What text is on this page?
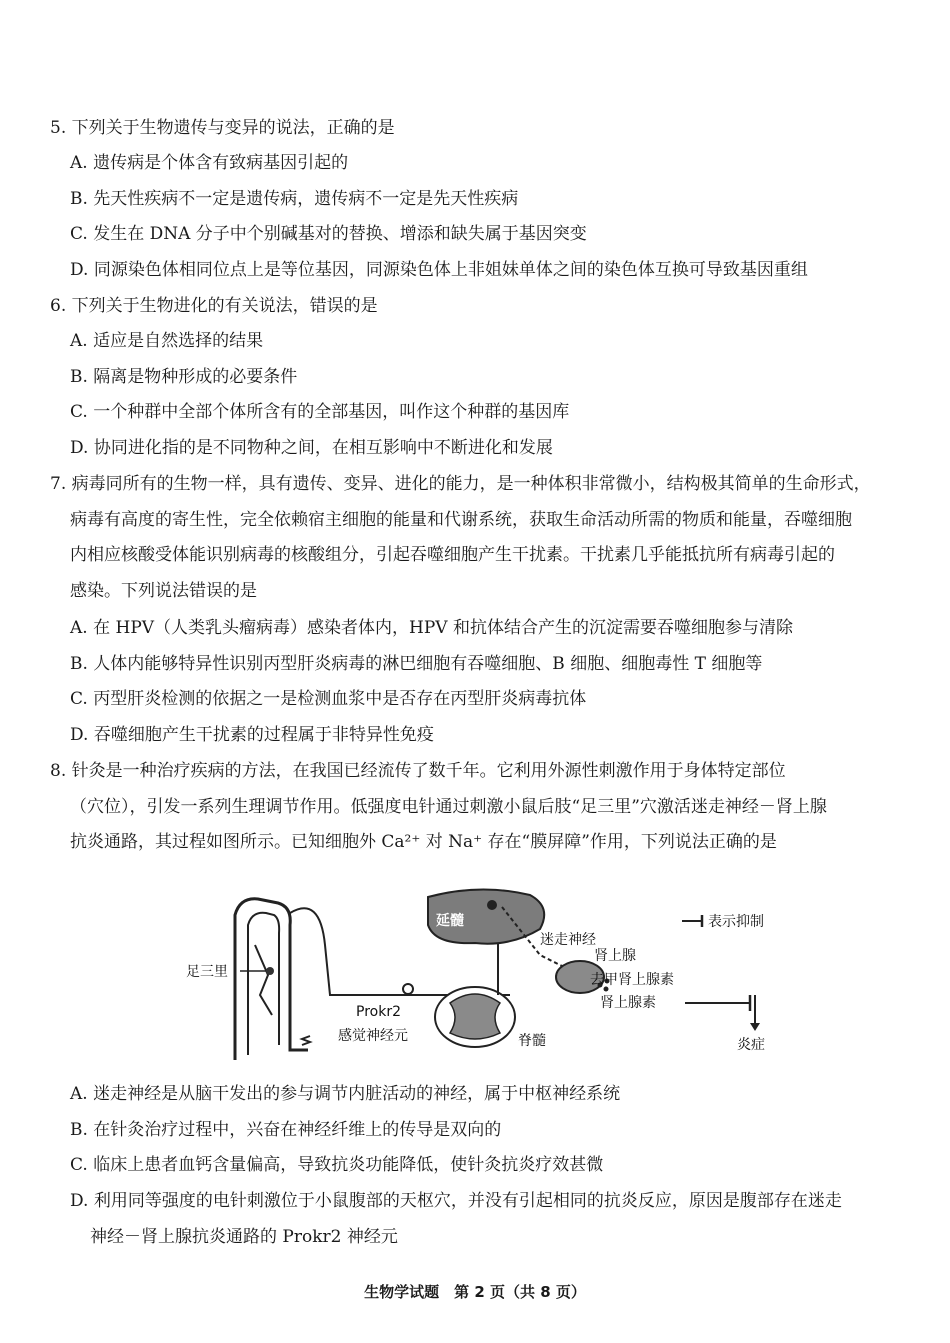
5. 下列关于生物遗传与变异的说法，正确的是
A. 遗传病是个体含有致病基因引起的
B. 先天性疾病不一定是遗传病，遗传病不一定是先天性疾病
C. 发生在 DNA 分子中个别碱基对的替换、增添和缺失属于基因突变
D. 同源染色体相同位点上是等位基因，同源染色体上非姐妹单体之间的染色体互换可导致基因重组
6. 下列关于生物进化的有关说法，错误的是
A. 适应是自然选择的结果
B. 隔离是物种形成的必要条件
C. 一个种群中全部个体所含有的全部基因，叫作这个种群的基因库
D. 协同进化指的是不同物种之间，在相互影响中不断进化和发展
7. 病毒同所有的生物一样，具有遗传、变异、进化的能力，是一种体积非常微小，结构极其简单的生命形式，
病毒有高度的寄生性，完全依赖宿主细胞的能量和代谢系统，获取生命活动所需的物质和能量，吞噬细胞
内相应核酸受体能识别病毒的核酸组分，引起吞噬细胞产生干扰素。干扰素几乎能抵抗所有病毒引起的
感染。下列说法错误的是
A. 在 HPV（人类乳头瘤病毒）感染者体内，HPV 和抗体结合产生的沉淀需要吞噬细胞参与清除
B. 人体内能够特异性识别丙型肝炎病毒的淋巴细胞有吞噬细胞、B 细胞、细胞毒性 T 细胞等
C. 丙型肝炎检测的依据之一是检测血浆中是否存在丙型肝炎病毒抗体
D. 吞噬细胞产生干扰素的过程属于非特异性免疫
8. 针灸是一种治疗疾病的方法，在我国已经流传了数千年。它利用外源性刺激作用于身体特定部位
（穴位），引发一系列生理调节作用。低强度电针通过刺激小鼠后肢“足三里”穴激活迷走神经－肾上腺
抗炎通路，其过程如图所示。已知细胞外 Ca²⁺ 对 Na⁺ 存在“膜屏障”作用，下列说法正确的是
足三里
Prokr2
感觉神经元	脊髓
延髓
迷走神经
肾上腺
去甲肾上腺素
肾上腺素
炎症
表示抑制
A. 迷走神经是从脑干发出的参与调节内脏活动的神经，属于中枢神经系统
B. 在针灸治疗过程中，兴奋在神经纤维上的传导是双向的
C. 临床上患者血钙含量偏高，导致抗炎功能降低，使针灸抗炎疗效甚微
D. 利用同等强度的电针刺激位于小鼠腹部的天枢穴，并没有引起相同的抗炎反应，原因是腹部存在迷走
神经－肾上腺抗炎通路的 Prokr2 神经元
生物学试题　第 2 页（共 8 页）
